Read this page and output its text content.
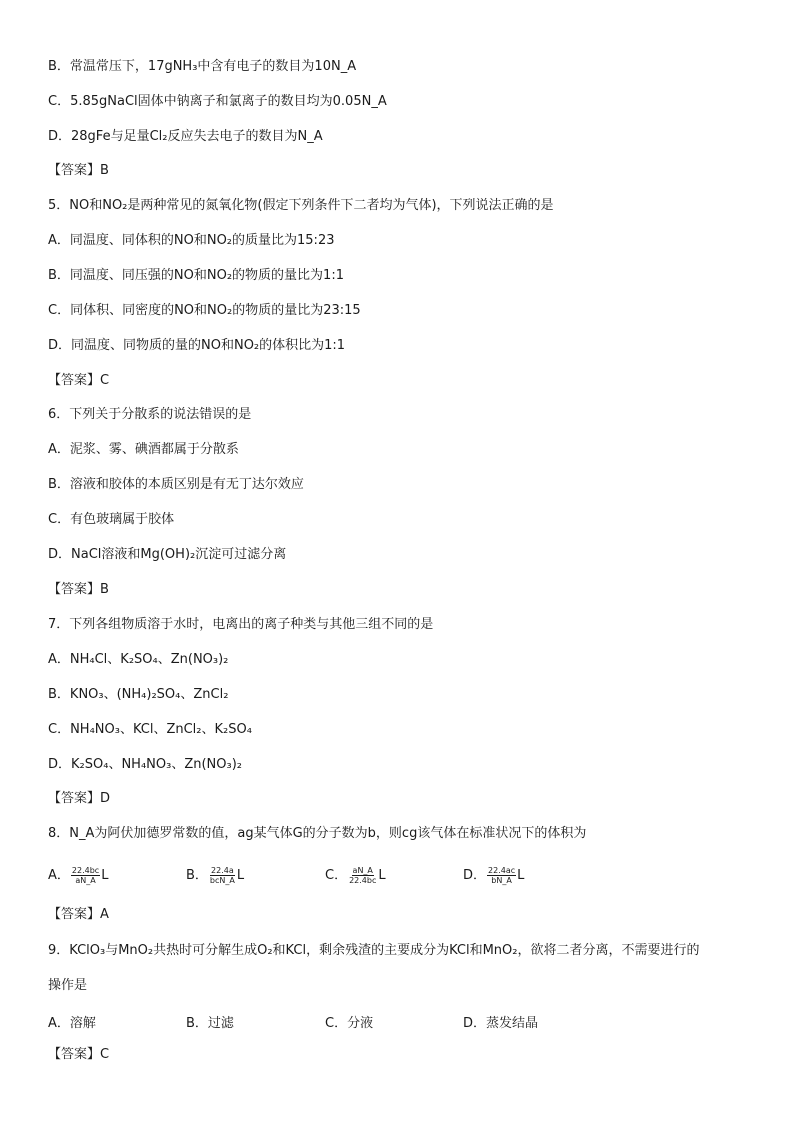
B．常温常压下，17gNH₃中含有电子的数目为10N_A
C．5.85gNaCl固体中钠离子和氯离子的数目均为0.05N_A
D．28gFe与足量Cl₂反应失去电子的数目为N_A
【答案】B
5．NO和NO₂是两种常见的氮氧化物(假定下列条件下二者均为气体)，下列说法正确的是
A．同温度、同体积的NO和NO₂的质量比为15:23
B．同温度、同压强的NO和NO₂的物质的量比为1:1
C．同体积、同密度的NO和NO₂的物质的量比为23:15
D．同温度、同物质的量的NO和NO₂的体积比为1:1
【答案】C
6．下列关于分散系的说法错误的是
A．泥浆、雾、碘酒都属于分散系
B．溶液和胶体的本质区别是有无丁达尔效应
C．有色玻璃属于胶体
D．NaCl溶液和Mg(OH)₂沉淀可过滤分离
【答案】B
7．下列各组物质溶于水时，电离出的离子种类与其他三组不同的是
A．NH₄Cl、K₂SO₄、Zn(NO₃)₂
B．KNO₃、(NH₄)₂SO₄、ZnCl₂
C．NH₄NO₃、KCl、ZnCl₂、K₂SO₄
D．K₂SO₄、NH₄NO₃、Zn(NO₃)₂
【答案】D
8．N_A为阿伏加德罗常数的值，ag某气体G的分子数为b，则cg该气体在标准状况下的体积为
A． $\frac{22.4bc}{aN\_A}$ L	B． $\frac{22.4a}{\text{bcN\_A}}$ L	C． $\frac{aN\_A}{22.4bc}$ L	D． $\frac{22.4ac}{bN\_A}$ L
【答案】A
9．KClO₃与MnO₂共热时可分解生成O₂和KCl，剩余残渣的主要成分为KCl和MnO₂，欲将二者分离，不需要进行的
操作是
A．溶解	B．过滤	C．分液	D．蒸发结晶
【答案】C
